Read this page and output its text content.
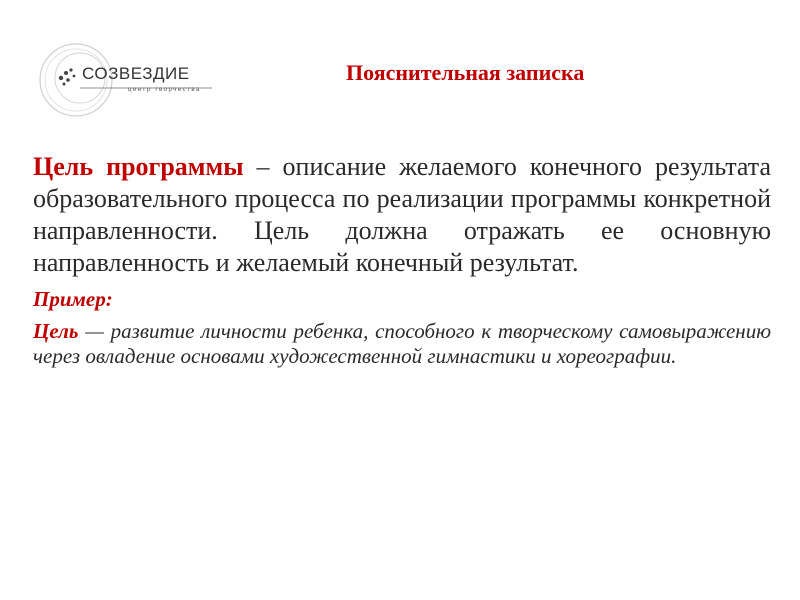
СОЗВЕЗДИЕ
центр творчества
Пояснительная записка

Цель программы – описание желаемого конечного результата образовательного процесса по реализации программы конкретной направленности. Цель должна отражать ее основную направленность и желаемый конечный результат.

Пример:

Цель — развитие личности ребенка, способного к творческому самовыражению через овладение основами художественной гимнастики и хореографии.
